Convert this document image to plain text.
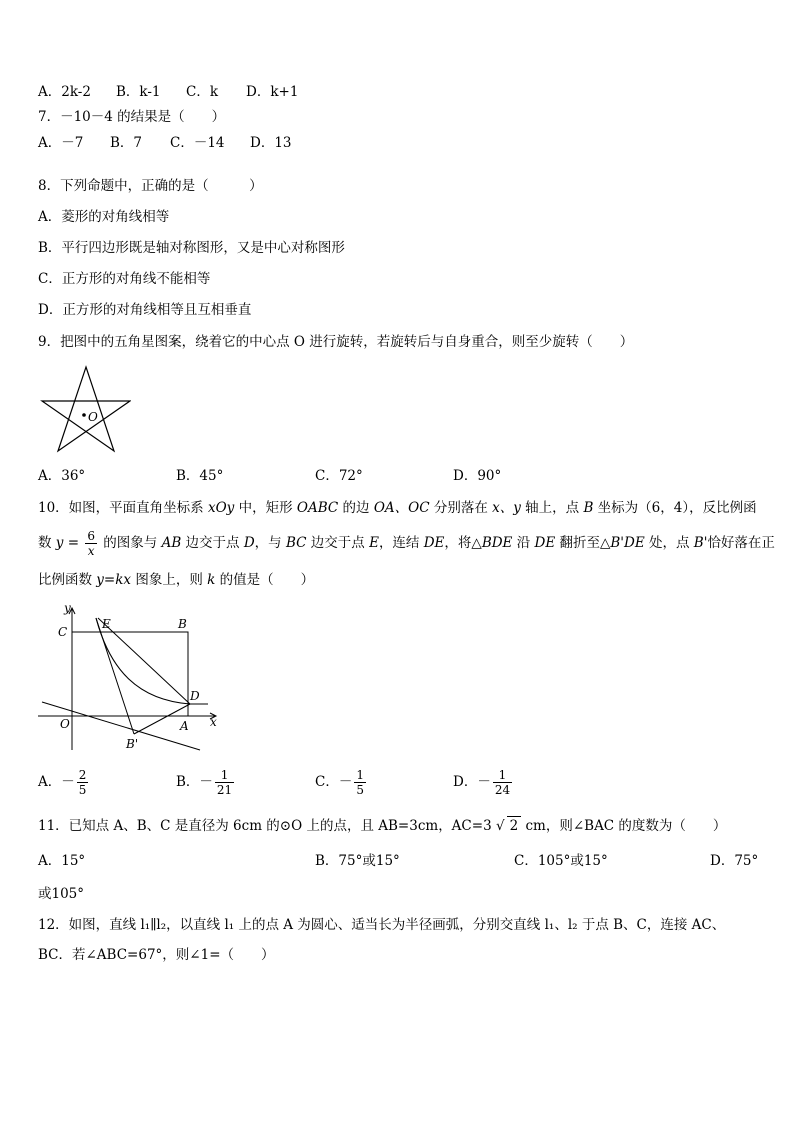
A．2k-2 B．k-1 C．k D．k+1
7．－10－4 的结果是（　　）
A．－7 B．7 C．－14 D．13
8．下列命题中，正确的是（　　　）
A．菱形的对角线相等
B．平行四边形既是轴对称图形，又是中心对称图形
C．正方形的对角线不能相等
D．正方形的对角线相等且互相垂直
9．把图中的五角星图案，绕着它的中心点 O 进行旋转，若旋转后与自身重合，则至少旋转（　　）
O
A．36°	B．45°	C．72°	D．90°
10．如图，平面直角坐标系 xOy 中，矩形 OABC 的边 OA、OC 分别落在 x、y 轴上，点 B 坐标为（6，4），反比例函
数 $y = \frac{6}{x}$ 的图象与 AB 边交于点 D，与 BC 边交于点 E，连结 DE，将△BDE 沿 DE 翻折至△B'DE 处，点 B'恰好落在正
比例函数 y=kx 图象上，则 k 的值是（　　）
y
x
C
E	B
D
O	A
B'
A．－ $\frac{2}{5}$	B．－ $\frac{1}{21}$	C．－ $\frac{1}{5}$	D．－ $\frac{1}{24}$
11．已知点 A、B、C 是直径为 6cm 的⊙O 上的点，且 AB=3cm，AC=3 √ 2 cm，则∠BAC 的度数为（　　）
A．15°	B．75°或15°	C．105°或15°	D．75°
或105°
12．如图，直线 l₁∥l₂，以直线 l₁ 上的点 A 为圆心、适当长为半径画弧，分别交直线 l₁、l₂ 于点 B、C，连接 AC、
BC．若∠ABC=67°，则∠1=（　　）
